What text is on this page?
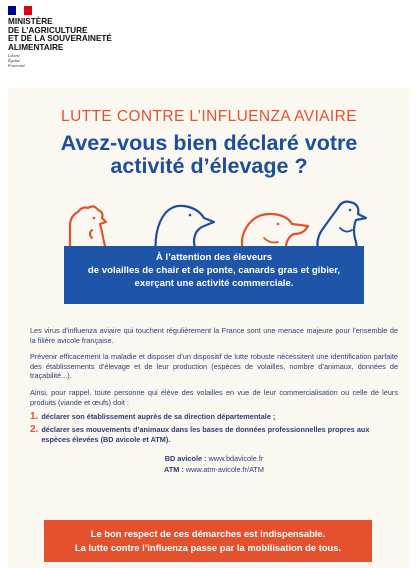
MINISTÈRE
DE L’AGRICULTURE
ET DE LA SOUVERAINETÉ
ALIMENTAIRE
Liberté
Égalité
Fraternité
LUTTE CONTRE L’INFLUENZA AVIAIRE
Avez-vous bien déclaré votre
activité d’élevage ?
À l’attention des éleveurs
de volailles de chair et de ponte, canards gras et gibier,
exerçant une activité commerciale.

Les virus d’influenza aviaire qui touchent régulièrement la France sont une menace majeure pour l’ensemble de la filière avicole française.

Prévenir efficacement la maladie et disposer d’un dispositif de lutte robuste nécessitent une identification parfaite des établissements d’élevage et de leur production (espèces de volailles, nombre d’animaux, données de traçabilité...).

Ainsi, pour rappel, toute personne qui élève des volailles en vue de leur commercialisation ou celle de leurs produits (viande et œufs) doit :

1. déclarer son établissement auprès de sa direction départementale ;
2. déclarer ses mouvements d’animaux dans les bases de données professionnelles propres aux espèces élevées (BD avicole et ATM).
BD avicole : www.bdavicole.fr
ATM : www.atm-avicole.fr/ATM
Le bon respect de ces démarches est indispensable.
La lutte contre l’influenza passe par la mobilisation de tous.
